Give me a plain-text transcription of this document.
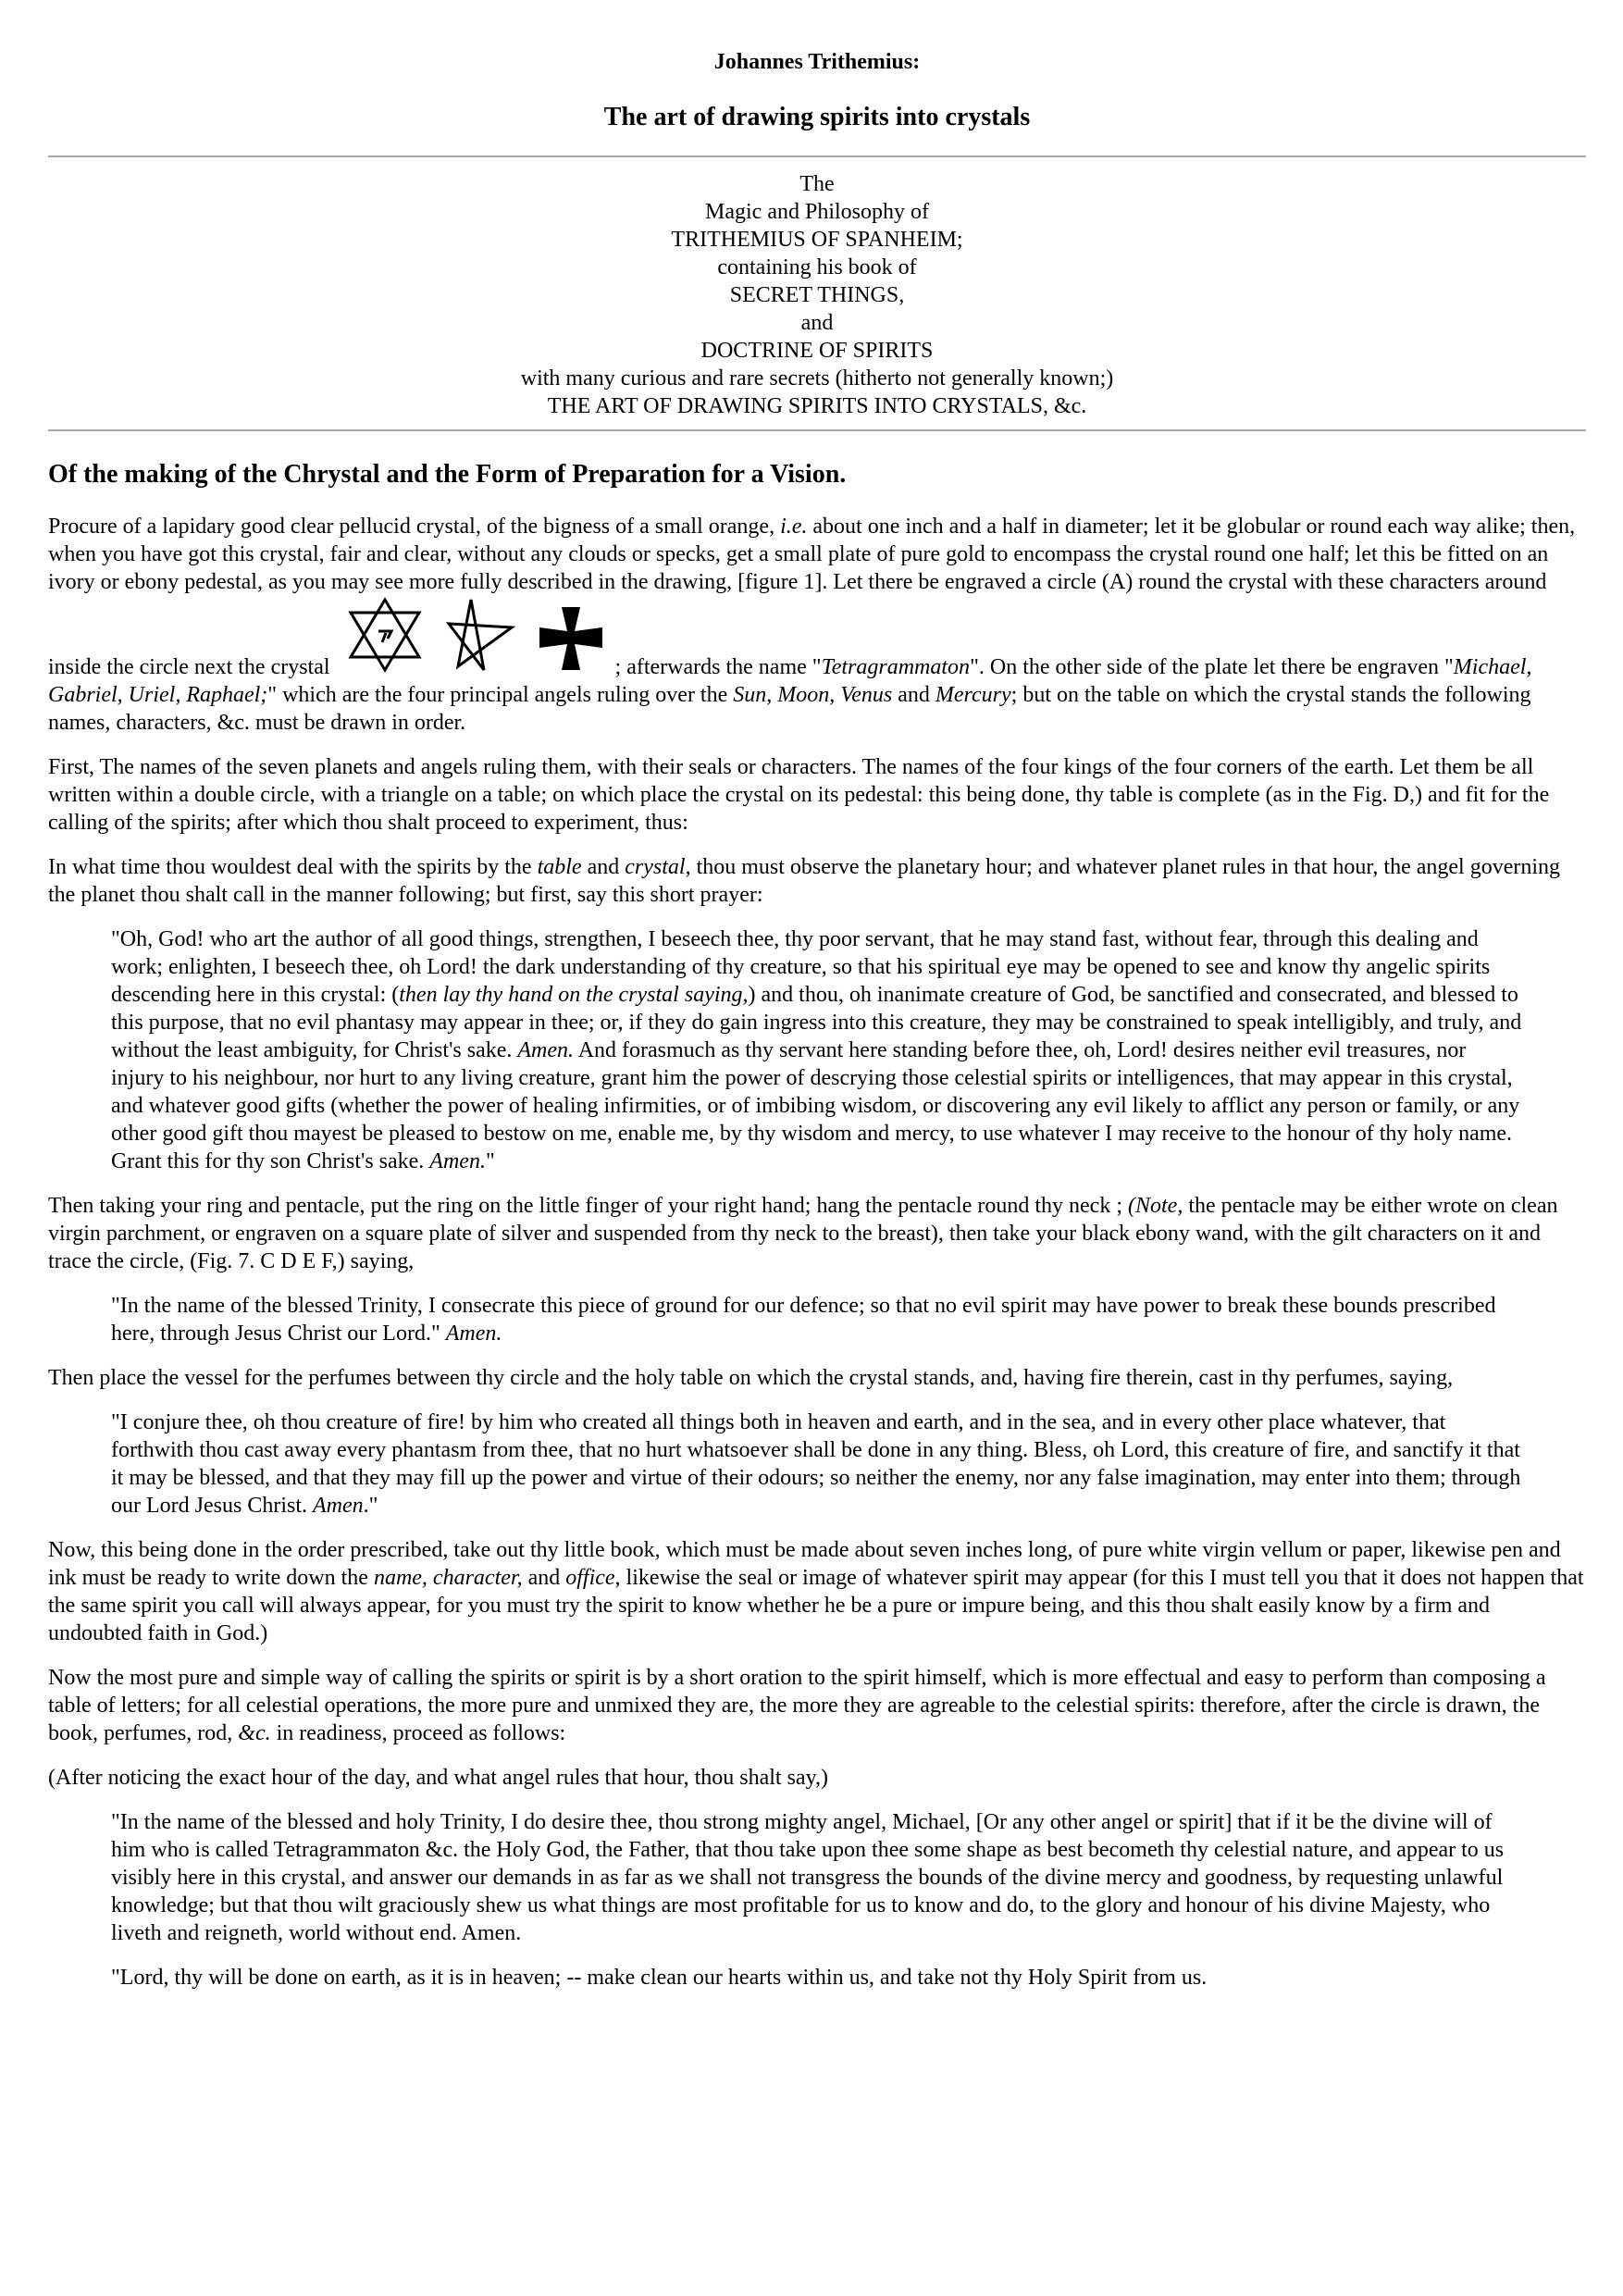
Johannes Trithemius:
The art of drawing spirits into crystals
The
Magic and Philosophy of
TRITHEMIUS OF SPANHEIM;
containing his book of
SECRET THINGS,
and
DOCTRINE OF SPIRITS
with many curious and rare secrets (hitherto not generally known;)
THE ART OF DRAWING SPIRITS INTO CRYSTALS, &c.
Of the making of the Chrystal and the Form of Preparation for a Vision.

Procure of a lapidary good clear pellucid crystal, of the bigness of a small orange, i.e. about one inch and a half in diameter; let it be globular or round each way alike; then, when you have got this crystal, fair and clear, without any clouds or specks, get a small plate of pure gold to encompass the crystal round one half; let this be fitted on an ivory or ebony pedestal, as you may see more fully described in the drawing, [figure 1]. Let there be engraved a circle (A) round the crystal with these characters around inside the circle next the crystal	; afterwards the name "Tetragrammaton". On the other side of the plate let there be engraven "Michael, Gabriel, Uriel, Raphael;" which are the four principal angels ruling over the Sun, Moon, Venus and Mercury; but on the table on which the crystal stands the following names, characters, &c. must be drawn in order.

First, The names of the seven planets and angels ruling them, with their seals or characters. The names of the four kings of the four corners of the earth. Let them be all written within a double circle, with a triangle on a table; on which place the crystal on its pedestal: this being done, thy table is complete (as in the Fig. D,) and fit for the calling of the spirits; after which thou shalt proceed to experiment, thus:

In what time thou wouldest deal with the spirits by the table and crystal, thou must observe the planetary hour; and whatever planet rules in that hour, the angel governing the planet thou shalt call in the manner following; but first, say this short prayer:

"Oh, God! who art the author of all good things, strengthen, I beseech thee, thy poor servant, that he may stand fast, without fear, through this dealing and work; enlighten, I beseech thee, oh Lord! the dark understanding of thy creature, so that his spiritual eye may be opened to see and know thy angelic spirits descending here in this crystal: (then lay thy hand on the crystal saying,) and thou, oh inanimate creature of God, be sanctified and consecrated, and blessed to this purpose, that no evil phantasy may appear in thee; or, if they do gain ingress into this creature, they may be constrained to speak intelligibly, and truly, and without the least ambiguity, for Christ's sake. Amen. And forasmuch as thy servant here standing before thee, oh, Lord! desires neither evil treasures, nor injury to his neighbour, nor hurt to any living creature, grant him the power of descrying those celestial spirits or intelligences, that may appear in this crystal, and whatever good gifts (whether the power of healing infirmities, or of imbibing wisdom, or discovering any evil likely to afflict any person or family, or any other good gift thou mayest be pleased to bestow on me, enable me, by thy wisdom and mercy, to use whatever I may receive to the honour of thy holy name. Grant this for thy son Christ's sake. Amen."

Then taking your ring and pentacle, put the ring on the little finger of your right hand; hang the pentacle round thy neck ; (Note, the pentacle may be either wrote on clean virgin parchment, or engraven on a square plate of silver and suspended from thy neck to the breast), then take your black ebony wand, with the gilt characters on it and trace the circle, (Fig. 7. C D E F,) saying,

"In the name of the blessed Trinity, I consecrate this piece of ground for our defence; so that no evil spirit may have power to break these bounds prescribed here, through Jesus Christ our Lord." Amen.

Then place the vessel for the perfumes between thy circle and the holy table on which the crystal stands, and, having fire therein, cast in thy perfumes, saying,

"I conjure thee, oh thou creature of fire! by him who created all things both in heaven and earth, and in the sea, and in every other place whatever, that forthwith thou cast away every phantasm from thee, that no hurt whatsoever shall be done in any thing. Bless, oh Lord, this creature of fire, and sanctify it that it may be blessed, and that they may fill up the power and virtue of their odours; so neither the enemy, nor any false imagination, may enter into them; through our Lord Jesus Christ. Amen."

Now, this being done in the order prescribed, take out thy little book, which must be made about seven inches long, of pure white virgin vellum or paper, likewise pen and ink must be ready to write down the name, character, and office, likewise the seal or image of whatever spirit may appear (for this I must tell you that it does not happen that the same spirit you call will always appear, for you must try the spirit to know whether he be a pure or impure being, and this thou shalt easily know by a firm and undoubted faith in God.)

Now the most pure and simple way of calling the spirits or spirit is by a short oration to the spirit himself, which is more effectual and easy to perform than composing a table of letters; for all celestial operations, the more pure and unmixed they are, the more they are agreable to the celestial spirits: therefore, after the circle is drawn, the book, perfumes, rod, &c. in readiness, proceed as follows:

(After noticing the exact hour of the day, and what angel rules that hour, thou shalt say,)

"In the name of the blessed and holy Trinity, I do desire thee, thou strong mighty angel, Michael, [Or any other angel or spirit] that if it be the divine will of him who is called Tetragrammaton &c. the Holy God, the Father, that thou take upon thee some shape as best becometh thy celestial nature, and appear to us visibly here in this crystal, and answer our demands in as far as we shall not transgress the bounds of the divine mercy and goodness, by requesting unlawful knowledge; but that thou wilt graciously shew us what things are most profitable for us to know and do, to the glory and honour of his divine Majesty, who liveth and reigneth, world without end. Amen.

"Lord, thy will be done on earth, as it is in heaven; -- make clean our hearts within us, and take not thy Holy Spirit from us.
